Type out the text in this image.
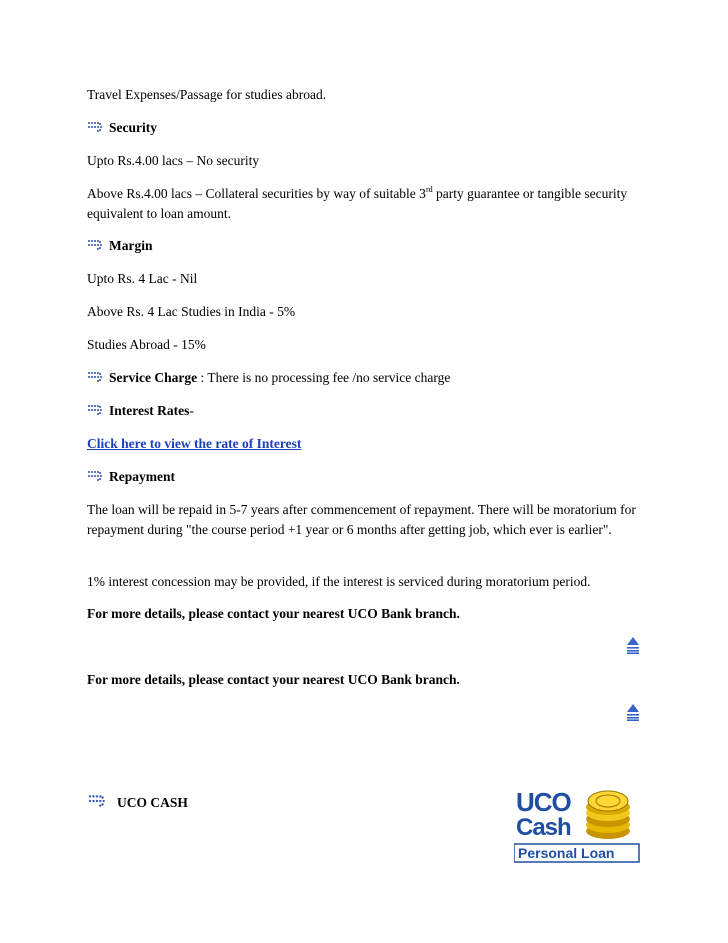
Travel Expenses/Passage for studies abroad.

Security

Upto Rs.4.00 lacs – No security

Above Rs.4.00 lacs – Collateral securities by way of suitable 3rd party guarantee or tangible security equivalent to loan amount.

Margin

Upto Rs. 4 Lac - Nil

Above Rs. 4 Lac Studies in India - 5%

Studies Abroad - 15%

Service Charge : There is no processing fee /no service charge

Interest Rates-

Click here to view the rate of Interest

Repayment

The loan will be repaid in 5-7 years after commencement of repayment. There will be moratorium for repayment during "the course period +1 year or 6 months after getting job, which ever is earlier".

1% interest concession may be provided, if the interest is serviced during moratorium period.

For more details, please contact your nearest UCO Bank branch.

For more details, please contact your nearest UCO Bank branch.

UCO CASH	UCO
Cash
Personal Loan
